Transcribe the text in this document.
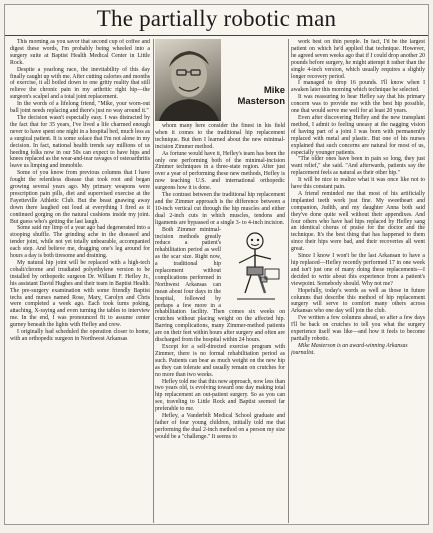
The partially robotic man

This morning as you savor that second cup of coffee and digest these words, I'm probably being wheeled into a surgery suite at Baptist Health Medical Center in Little Rock.

Despite a yearlong race, the inevitability of this day finally caught up with me. After cutting calories and months of exercise, it all boiled down to one gritty reality that still relieve the chronic pain in my arthritic right hip—the surgeon's scalpel and a total joint replacement.

In the words of a lifelong friend, "Mike, your worn-out ball joint needs replacing and there's just no way around it."

The decision wasn't especially easy. I was distracted by the fact that for 35 years, I've lived a life charmed enough never to have spent one night in a hospital bed, much less as a surgical patient. It is some solace that I'm not alone in my decision. In fact, national health trends say millions of us heeding folks now in our 50s can expect to have hips and knees replaced as the wear-and-tear ravages of osteoarthritis leave us limping and immobile.

Some of you know from previous columns that I have fought the relentless disease that took root and began growing several years ago. My primary weapons were prescription pain pills, diet and supervised exercise at the Fayetteville Athletic Club. But the beast gnawing away down there laughed out loud at everything I fired as it continued gorging on the natural cushions inside my joint. But guess who's getting the last laugh.

Some said my limp of a year ago had degenerated into a stooping shuffle. The grinding ache in the diseased and tender joint, while not yet totally unbearable, accompanied each step. And believe me, dragging one's leg around for hours a day is both tiresome and draining.

My natural hip joint will be replaced with a high-tech cobalt/chrome and irradiated polyethylene version to be installed by orthopedic surgeon Dr. William F. Hefley Jr., his assistant David Hughes and their team in Baptist Health. The pre-surgery examination with some friendly Baptist techs and nurses named Rose, Mary, Carolyn and Chris were completed a week ago. Each took turns poking, attaching, X-raying and even turning the tables to interview me. In the end, I was pronounced fit to assume center gurney beneath the lights with Hefley and crew.

I originally had scheduled the operation closer to home, with an orthopedic surgeon in Northwest Arkansas

Mike
Masterson

whom many here consider the finest in his field when it comes to the traditional hip replacement technique. But then I learned about the new minimal-incision Zimmer method.

As fortune would have it, Hefley's team has been the only one performing both of the minimal-incision Zimmer techniques in a three-state region. After just over a year of performing these new methods, Hefley is now teaching U.S. and international orthopedic surgeons how it is done.

The contrast between the traditional hip replacement and the Zimmer approach is the difference between a 10-inch vertical cut through the hip muscles and either dual 2-inch cuts in which muscles, tendons and ligaments are bypassed or a single 3- to 4-inch incision.

Both Zimmer minimal-incision methods greatly reduce a patient's rehabilitation period as well as the scar size. Right now, a traditional hip replacement without complications performed in Northwest Arkansas can mean about four days in the hospital, followed by perhaps a few more in a rehabilitation facility. Then comes six weeks on crutches without placing weight on the affected hip. Barring complications, many Zimmer-method patients are on their feet within hours after surgery and often are discharged from the hospital within 24 hours.

Except for a self-directed exercise program with Zimmer, there is no formal rehabilitation period as such. Patients can bear as much weight on the new hip as they can tolerate and usually remain on crutches for no more than two weeks.

Hefley told me that this new approach, now less than two years old, is evolving toward one day making total hip replacement an out-patient surgery. So as you can see, traveling to Little Rock and Baptist seemed far preferable to me.

Hefley, a Vanderbilt Medical School graduate and father of four young children, initially told me that performing the dual 2-inch method on a person my size would be a "challenge." It seems to

work best on thin people. In fact, I'd be the largest patient on which he'd applied that technique. However, he agreed seven weeks ago that if I could drop another 20 pounds before surgery, he might attempt it rather than the single 4-inch version, which usually requires a slightly longer recovery period.

I managed to drop 16 pounds. I'll know when I awaken later this morning which technique he selected.

It was reassuring to hear Hefley say that his primary concern was to provide me with the best hip possible, one that would serve me well for at least 20 years.

Even after discovering Hefley and the new transplant method, I admit to feeling uneasy at the nagging vision of having part of a joint I was born with permanently replaced with metal and plastic. But one of his nurses explained that such concerns are natural for most of us, especially younger patients.

"The older ones have been in pain so long, they just want relief," she said. "And afterwards, patients say the replacement feels as natural as their other hip."

It will be nice to realize what it was once like not to have this constant pain.

A friend reminded me that most of his artificially implanted teeth work just fine. My sweetheart and companion, Judith, and my daughter Anna both said they've done quite well without their appendixes. And four others who have had hips replaced by Hefley sang an identical chorus of praise for the doctor and the technique. It's the best thing that has happened to them since their hips were bad, and their recoveries all went great.

Since I know I won't be the last Arkansan to have a hip replaced—Hefley recently performed 17 in one week and isn't just one of many doing these replacements—I decided to write about this experience from a patient's viewpoint. Somebody should. Why not me?

Hopefully, today's words as well as those in future columns that describe this method of hip replacement surgery will serve to comfort many others across Arkansas who one day will join the club.

I've written a few columns ahead, so after a few days I'll be back on crutches to tell you what the surgery experience itself was like—and how it feels to become partially robotic.

Mike Masterson is an award-winning Arkansas journalist.
